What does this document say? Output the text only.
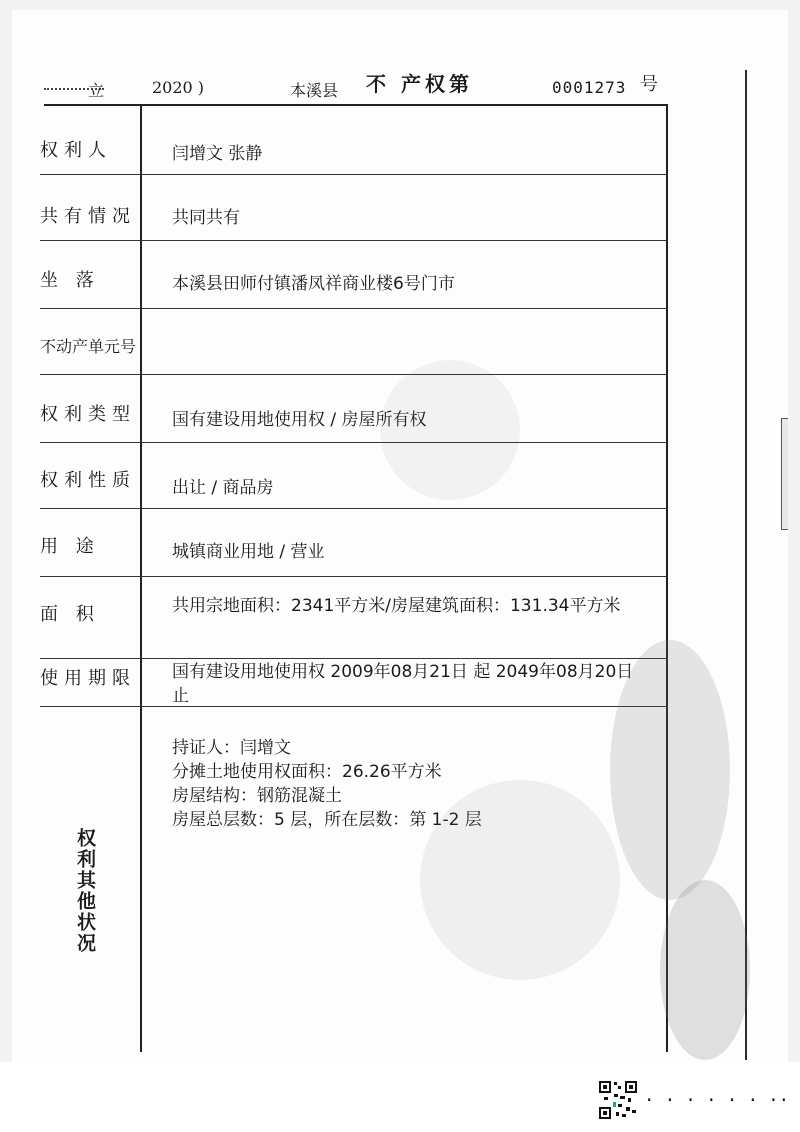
立	2020 )	本溪县 不 产权第	0001273 号
权利人	闫增文 张静
共有情况 共同共有
坐 落	本溪县田师付镇潘凤祥商业楼6号门市
不动产单元号
权利类型 国有建设用地使用权 / 房屋所有权
权利性质 出让 / 商品房
用 途	城镇商业用地 / 营业
面 积	共用宗地面积：2341平方米/房屋建筑面积：131.34平方米
使用期限 国有建设用地使用权 2009年08月21日 起 2049年08月20日 止
权利其他状况
持证人：闫增文
分摊土地使用权面积：26.26平方米
房屋结构：钢筋混凝土
房屋总层数：5 层，所在层数：第 1-2 层
· · · · · · ··
